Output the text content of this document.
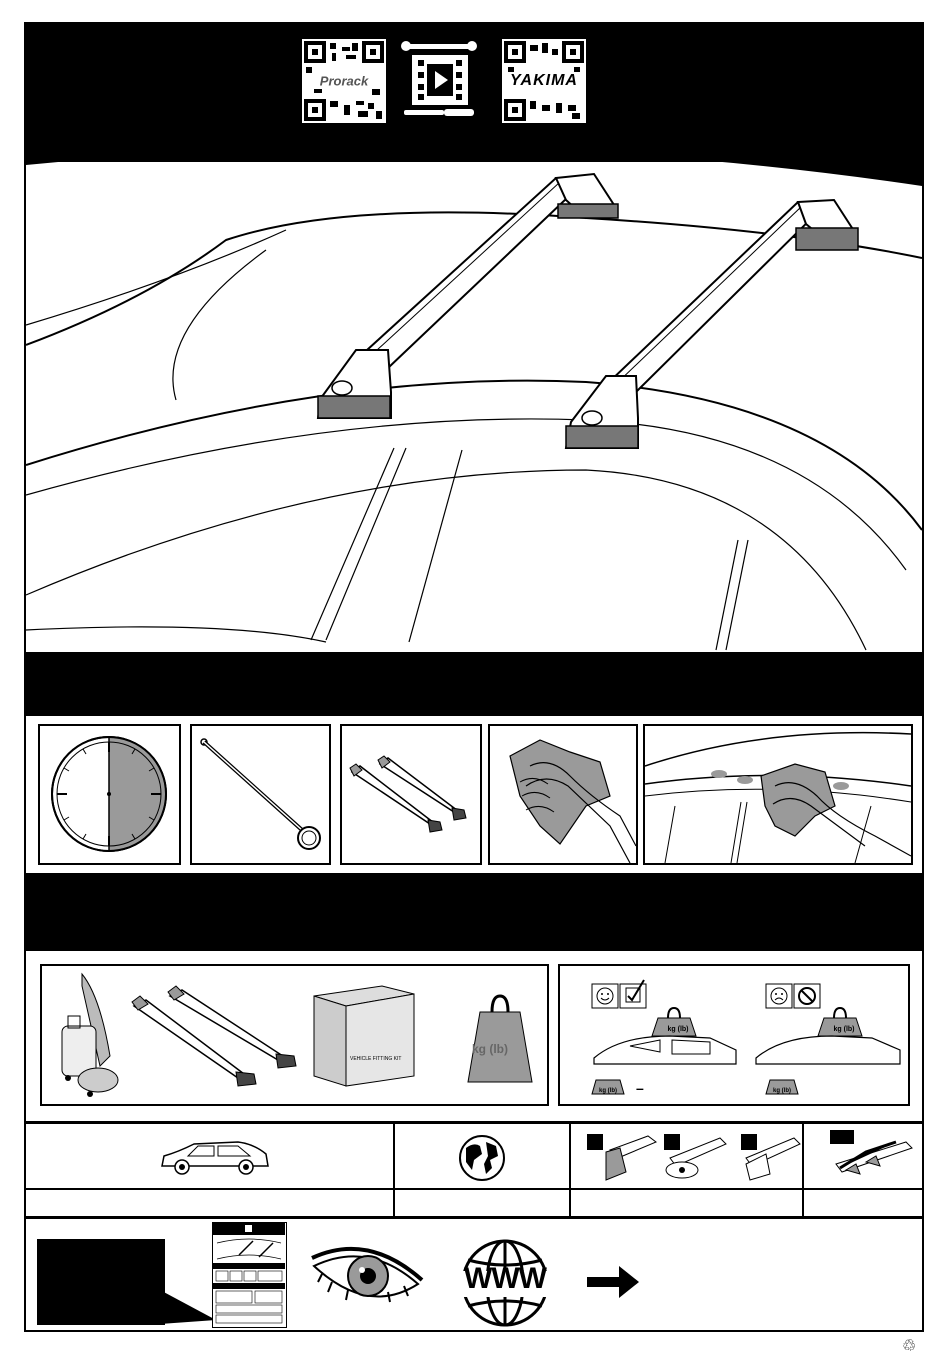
Prorack	YAKIMA
VEHICLE FITTING KIT
kg (lb)
kg (lb)	kg (lb)
kg (lb)	–	kg (lb)
WWW
♲
